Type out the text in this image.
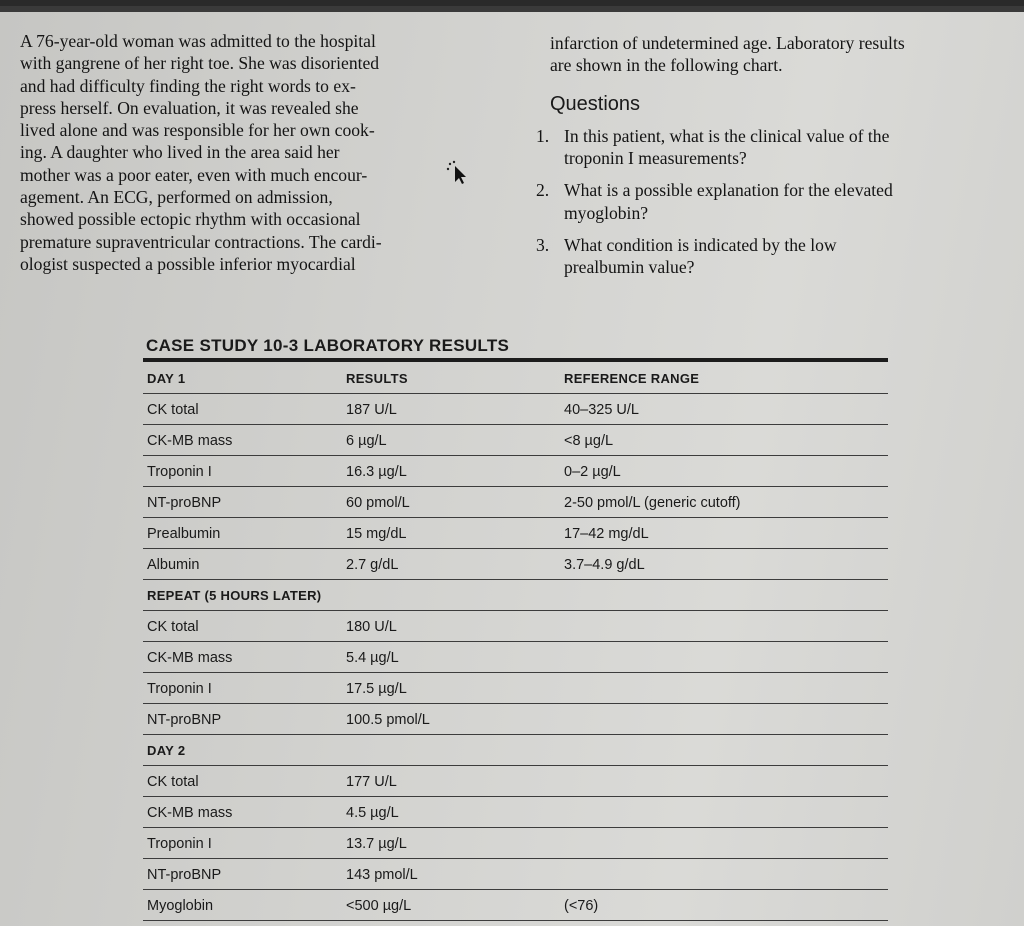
A 76-year-old woman was admitted to the hospital

with gangrene of her right toe. She was disoriented

and had difficulty finding the right words to ex-

press herself. On evaluation, it was revealed she

lived alone and was responsible for her own cook-

ing. A daughter who lived in the area said her

mother was a poor eater, even with much encour-

agement. An ECG, performed on admission,

showed possible ectopic rhythm with occasional

premature supraventricular contractions. The cardi-

ologist suspected a possible inferior myocardial

infarction of undetermined age. Laboratory results

are shown in the following chart.

Questions
1. In this patient, what is the clinical value of the

troponin I measurements?

2. What is a possible explanation for the elevated

myoglobin?

3. What condition is indicated by the low

prealbumin value?

CASE STUDY 10-3 LABORATORY RESULTS
DAY 1	RESULTS	REFERENCE RANGE
CK total	187 U/L	40–325 U/L
CK-MB mass	6 µg/L	<8 µg/L
Troponin I	16.3 µg/L	0–2 µg/L
NT-proBNP	60 pmol/L	2-50 pmol/L (generic cutoff)
Prealbumin	15 mg/dL	17–42 mg/dL
Albumin	2.7 g/dL	3.7–4.9 g/dL
REPEAT (5 HOURS LATER)
CK total	180 U/L
CK-MB mass	5.4 µg/L
Troponin I	17.5 µg/L
NT-proBNP	100.5 pmol/L
DAY 2
CK total	177 U/L
CK-MB mass	4.5 µg/L
Troponin I	13.7 µg/L
NT-proBNP	143 pmol/L
Myoglobin	<500 µg/L	(<76)
